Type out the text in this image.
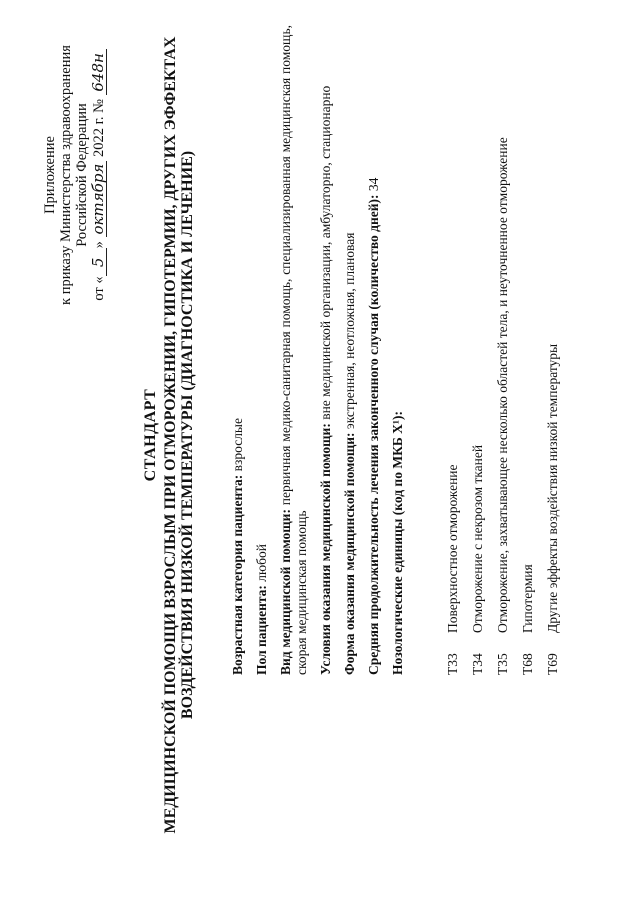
Приложение к приказу Министерства здравоохранения Российской Федерации
от «5» октября 2022 г. № 648н
СТАНДАРТ МЕДИЦИНСКОЙ ПОМОЩИ ВЗРОСЛЫМ ПРИ ОТМОРОЖЕНИИ, ГИПОТЕРМИИ, ДРУГИХ ЭФФЕКТАХ ВОЗДЕЙСТВИЯ НИЗКОЙ ТЕМПЕРАТУРЫ (ДИАГНОСТИКА И ЛЕЧЕНИЕ)	Возрастная категория пациента: взрослые
Пол пациента: любой Вид медицинской помощи: первичная медико-санитарная помощь, специализированная медицинская помощь, скорая медицинская помощь Условия оказания медицинской помощи: вне медицинской организации, амбулаторно, стационарно
Форма оказания медицинской помощи: экстренная, неотложная, плановая Средняя продолжительность лечения законченного случая (количество дней): 34
Нозологические единицы (код по МКБ X¹):	T33
Поверхностное отморожение
T34
Отморожение с некрозом тканей
T35
Отморожение, захватывающее несколько областей тела, и неуточненное отморожение
T68
Гипотермия
T69
Другие эффекты воздействия низкой температуры
